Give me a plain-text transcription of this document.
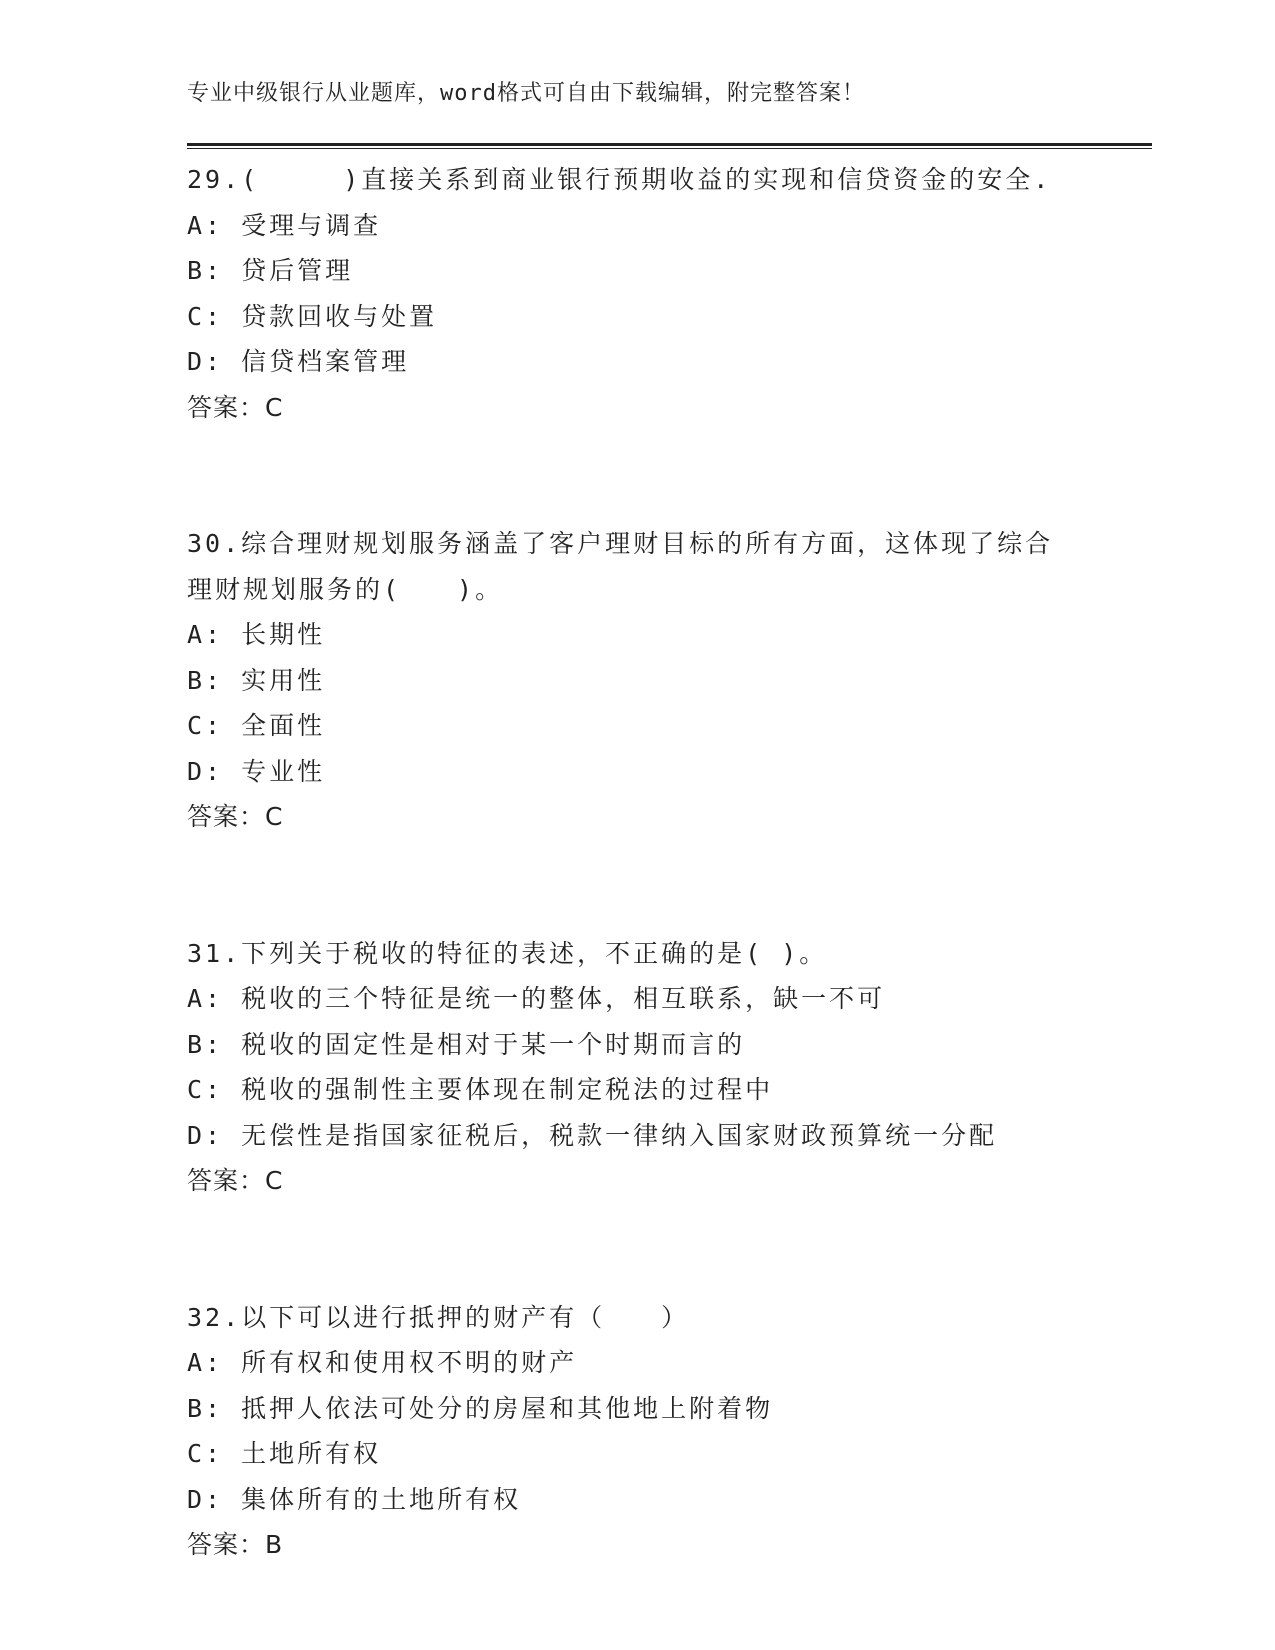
专业中级银行从业题库，word格式可自由下载编辑，附完整答案！
29.(　　　)直接关系到商业银行预期收益的实现和信贷资金的安全.
A: 受理与调查
B: 贷后管理
C: 贷款回收与处置
D: 信贷档案管理
答案：C
30.综合理财规划服务涵盖了客户理财目标的所有方面，这体现了综合
理财规划服务的(　　)。
A: 长期性
B: 实用性
C: 全面性
D: 专业性
答案：C
31.下列关于税收的特征的表述，不正确的是( )。
A: 税收的三个特征是统一的整体，相互联系，缺一不可
B: 税收的固定性是相对于某一个时期而言的
C: 税收的强制性主要体现在制定税法的过程中
D: 无偿性是指国家征税后，税款一律纳入国家财政预算统一分配
答案：C
32.以下可以进行抵押的财产有（　　）
A: 所有权和使用权不明的财产
B: 抵押人依法可处分的房屋和其他地上附着物
C: 土地所有权
D: 集体所有的土地所有权
答案：B
